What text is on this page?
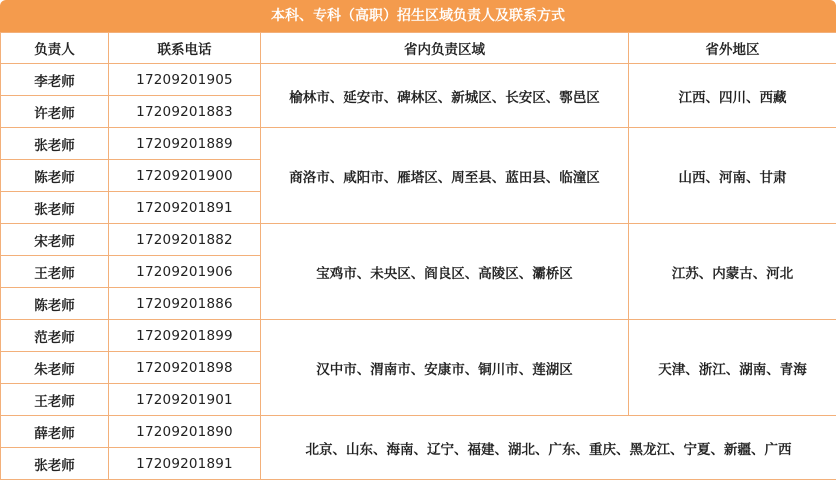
本科、专科（高职）招生区域负责人及联系方式
负责人	联系电话	省内负责区域	省外地区
李老师	17209201905	榆林市、延安市、碑林区、新城区、长安区、鄠邑区	江西、四川、西藏
许老师	17209201883		
张老师	17209201889	商洛市、咸阳市、雁塔区、周至县、蓝田县、临潼区	山西、河南、甘肃
陈老师	17209201900		
张老师	17209201891		
宋老师	17209201882	宝鸡市、未央区、阎良区、高陵区、灞桥区	江苏、内蒙古、河北
王老师	17209201906		
陈老师	17209201886		
范老师	17209201899	汉中市、渭南市、安康市、铜川市、莲湖区	天津、浙江、湖南、青海
朱老师	17209201898		
王老师	17209201901		
薛老师	17209201890	北京、山东、海南、辽宁、福建、湖北、广东、重庆、黑龙江、宁夏、新疆、广西	
张老师	17209201891		
